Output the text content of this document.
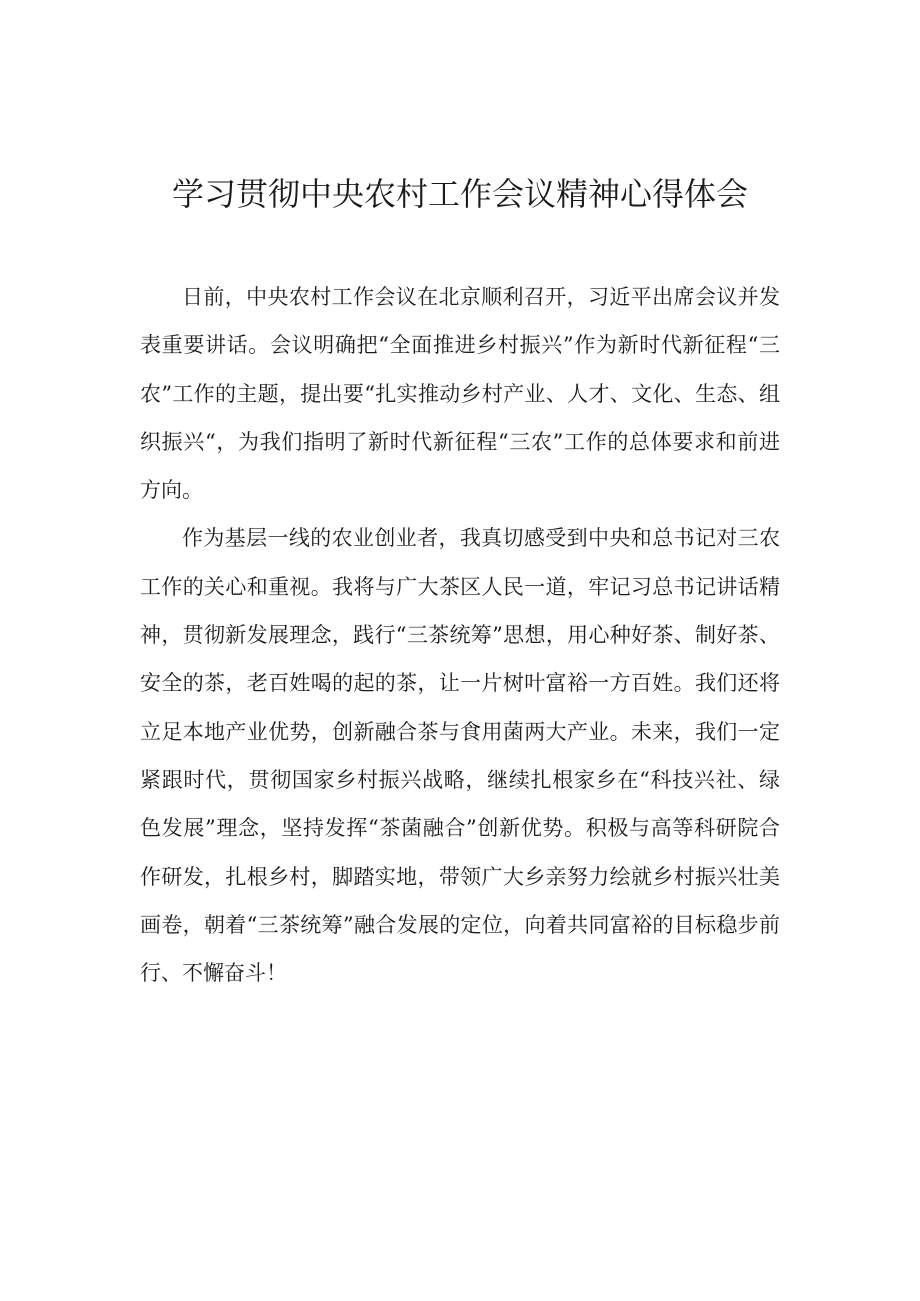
学习贯彻中央农村工作会议精神心得体会

日前，中央农村工作会议在北京顺利召开，习近平出席会议并发表重要讲话。会议明确把“全面推进乡村振兴”作为新时代新征程“三农”工作的主题，提出要“扎实推动乡村产业、人才、文化、生态、组织振兴“，为我们指明了新时代新征程“三农”工作的总体要求和前进方向。

作为基层一线的农业创业者，我真切感受到中央和总书记对三农工作的关心和重视。我将与广大茶区人民一道，牢记习总书记讲话精神，贯彻新发展理念，践行“三茶统筹”思想，用心种好茶、制好茶、安全的茶，老百姓喝的起的茶，让一片树叶富裕一方百姓。我们还将立足本地产业优势，创新融合茶与食用菌两大产业。未来，我们一定紧跟时代，贯彻国家乡村振兴战略，继续扎根家乡在“科技兴社、绿色发展”理念，坚持发挥“茶菌融合”创新优势。积极与高等科研院合作研发，扎根乡村，脚踏实地，带领广大乡亲努力绘就乡村振兴壮美画卷，朝着“三茶统筹”融合发展的定位，向着共同富裕的目标稳步前行、不懈奋斗！
